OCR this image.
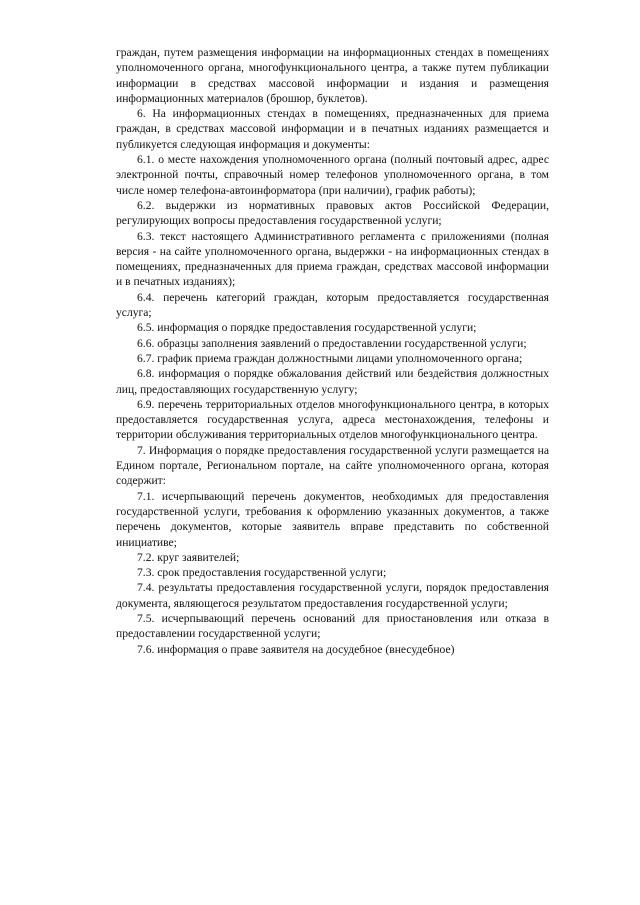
граждан, путем размещения информации на информационных стендах в помещениях уполномоченного органа, многофункционального центра, а также путем публикации информации в средствах массовой информации и издания и размещения информационных материалов (брошюр, буклетов).

6. На информационных стендах в помещениях, предназначенных для приема граждан, в средствах массовой информации и в печатных изданиях размещается и публикуется следующая информация и документы:

6.1. о месте нахождения уполномоченного органа (полный почтовый адрес, адрес электронной почты, справочный номер телефонов уполномоченного органа, в том числе номер телефона-автоинформатора (при наличии), график работы);

6.2. выдержки из нормативных правовых актов Российской Федерации, регулирующих вопросы предоставления государственной услуги;

6.3. текст настоящего Административного регламента с приложениями (полная версия - на сайте уполномоченного органа, выдержки - на информационных стендах в помещениях, предназначенных для приема граждан, средствах массовой информации и в печатных изданиях);

6.4. перечень категорий граждан, которым предоставляется государственная услуга;

6.5. информация о порядке предоставления государственной услуги;

6.6. образцы заполнения заявлений о предоставлении государственной услуги;

6.7. график приема граждан должностными лицами уполномоченного органа;

6.8. информация о порядке обжалования действий или бездействия должностных лиц, предоставляющих государственную услугу;

6.9. перечень территориальных отделов многофункционального центра, в которых предоставляется государственная услуга, адреса местонахождения, телефоны и территории обслуживания территориальных отделов многофункционального центра.

7. Информация о порядке предоставления государственной услуги размещается на Едином портале, Региональном портале, на сайте уполномоченного органа, которая содержит:

7.1. исчерпывающий перечень документов, необходимых для предоставления государственной услуги, требования к оформлению указанных документов, а также перечень документов, которые заявитель вправе представить по собственной инициативе;

7.2. круг заявителей;

7.3. срок предоставления государственной услуги;

7.4. результаты предоставления государственной услуги, порядок предоставления документа, являющегося результатом предоставления государственной услуги;

7.5. исчерпывающий перечень оснований для приостановления или отказа в предоставлении государственной услуги;

7.6. информация о праве заявителя на досудебное (внесудебное)
